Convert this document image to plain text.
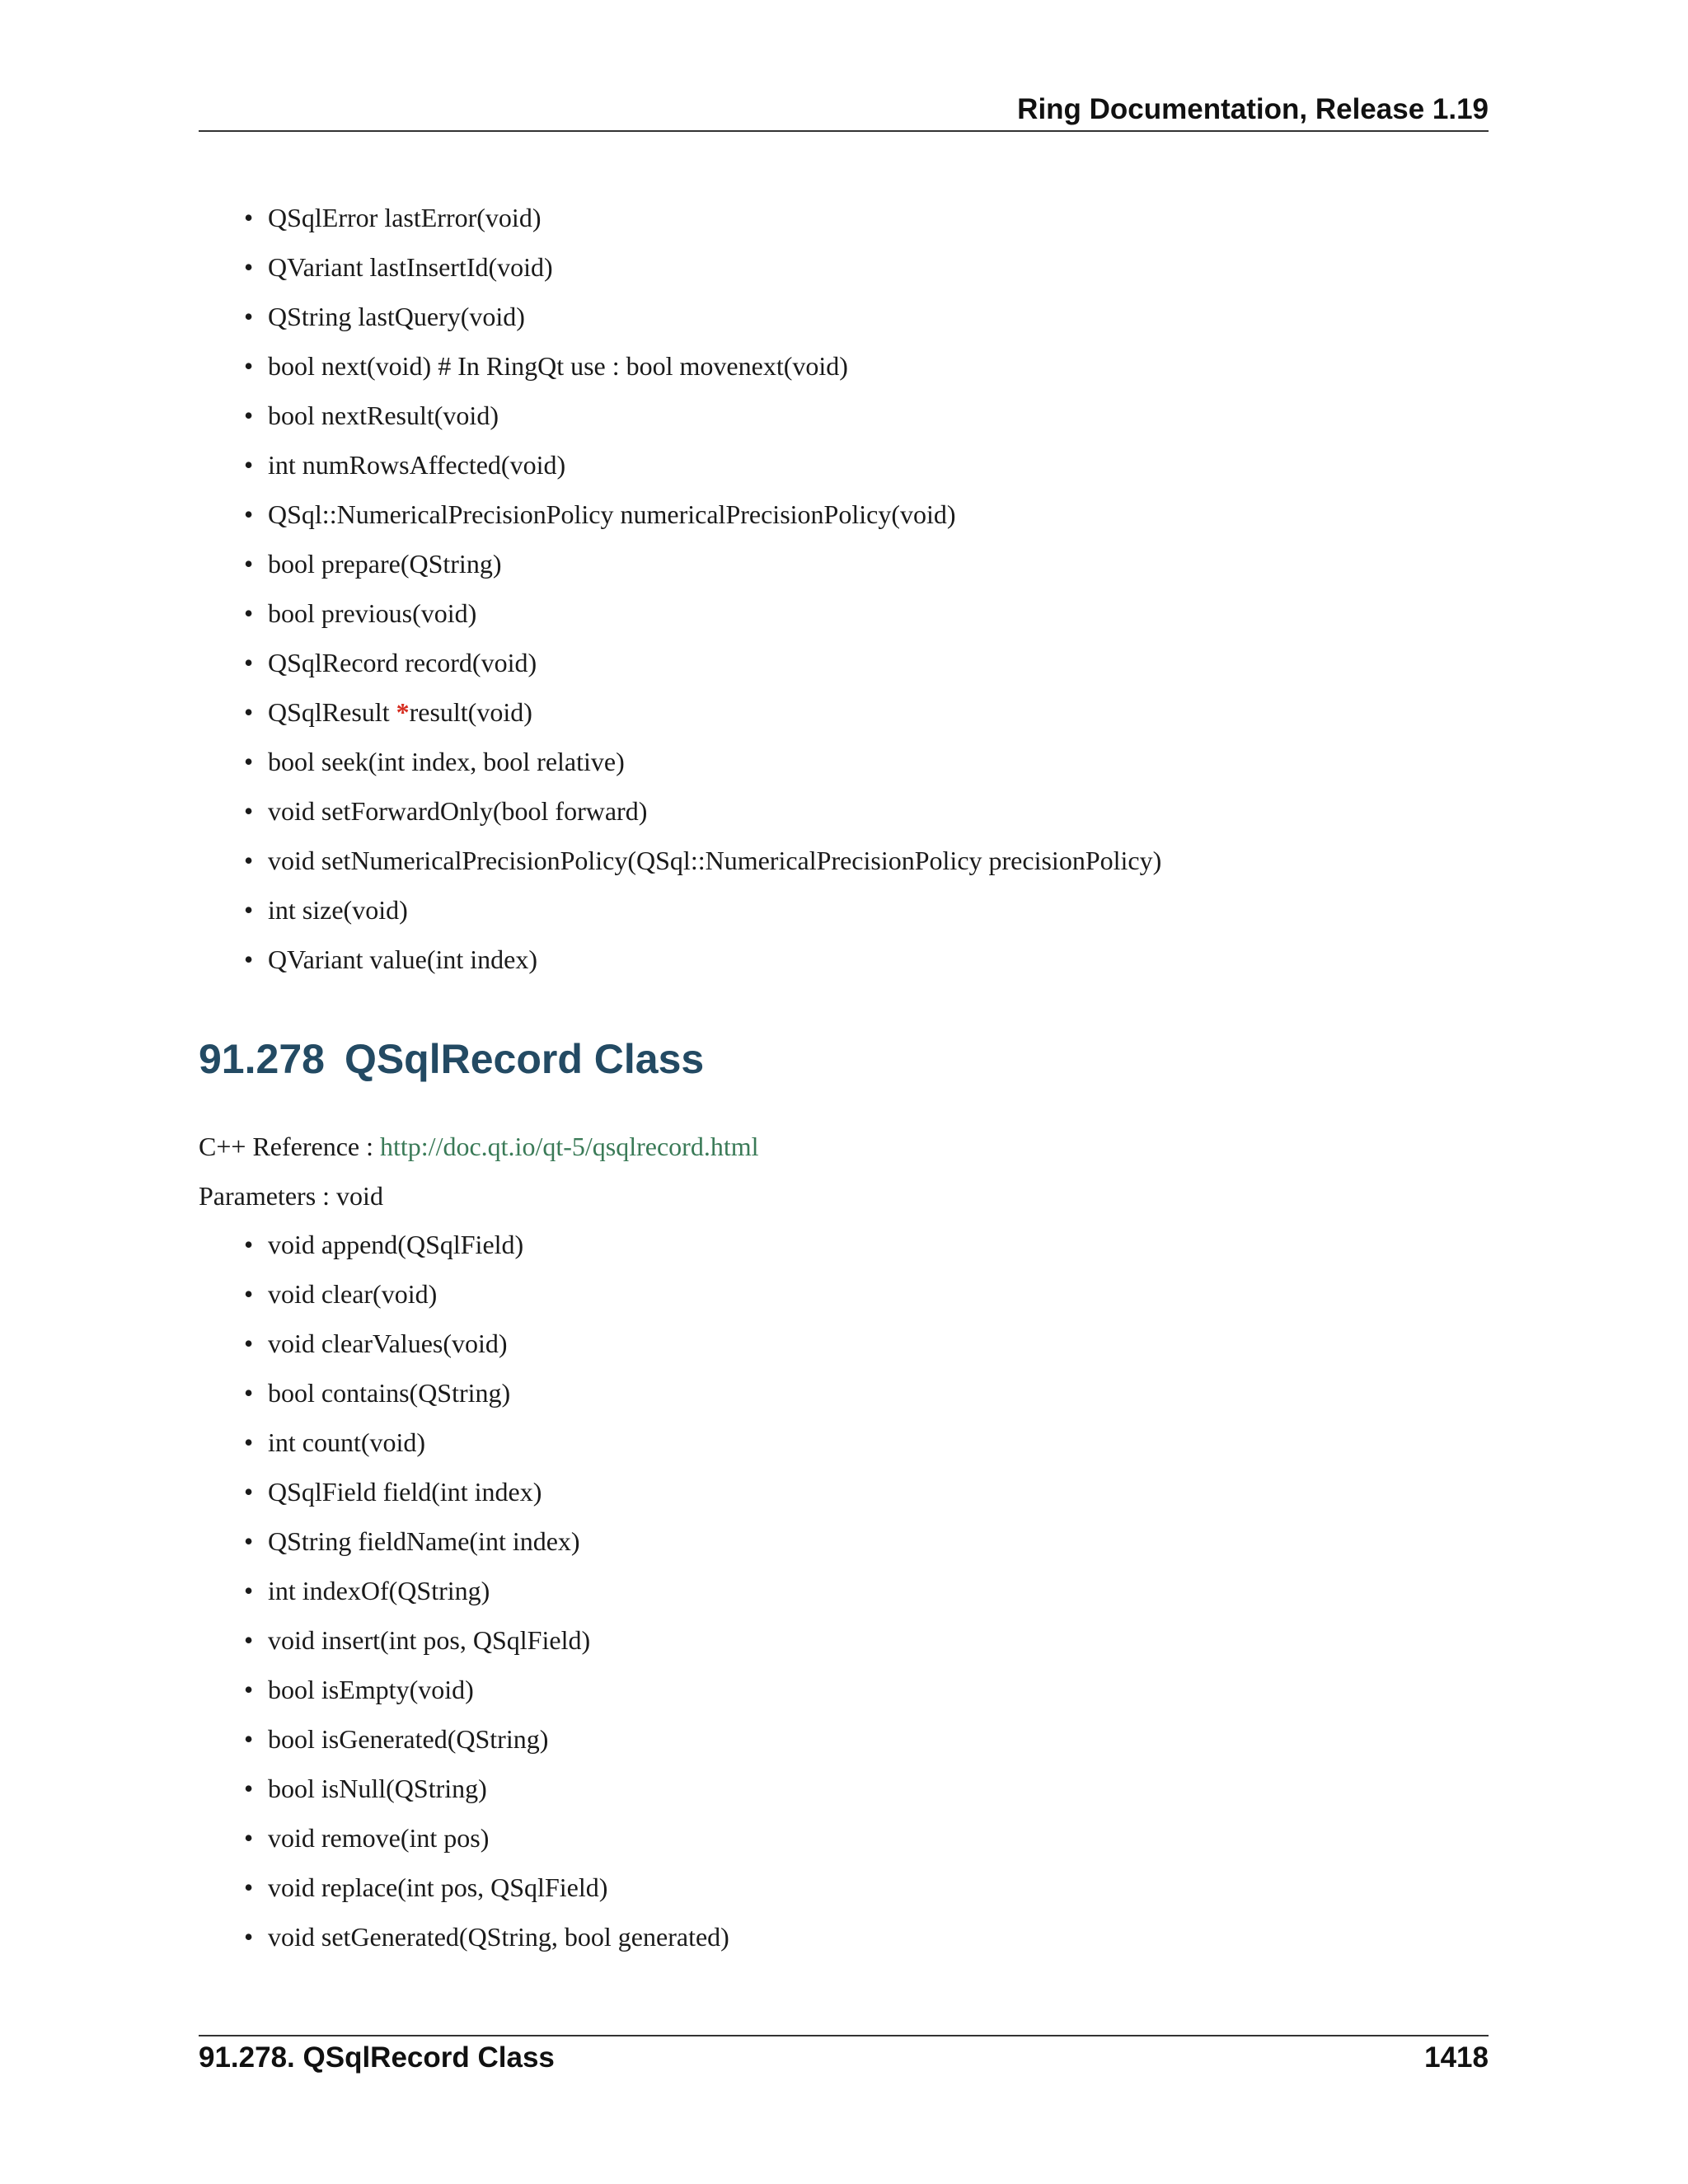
Ring Documentation, Release 1.19
• QSqlError lastError(void)
• QVariant lastInsertId(void)
• QString lastQuery(void)
• bool next(void) # In RingQt use : bool movenext(void)
• bool nextResult(void)
• int numRowsAffected(void)
• QSql::NumericalPrecisionPolicy numericalPrecisionPolicy(void)
• bool prepare(QString)
• bool previous(void)
• QSqlRecord record(void)
• QSqlResult *result(void)
• bool seek(int index, bool relative)
• void setForwardOnly(bool forward)
• void setNumericalPrecisionPolicy(QSql::NumericalPrecisionPolicy precisionPolicy)
• int size(void)
• QVariant value(int index)
91.278 QSqlRecord Class

C++ Reference : http://doc.qt.io/qt-5/qsqlrecord.html

Parameters : void

• void append(QSqlField)
• void clear(void)
• void clearValues(void)
• bool contains(QString)
• int count(void)
• QSqlField field(int index)
• QString fieldName(int index)
• int indexOf(QString)
• void insert(int pos, QSqlField)
• bool isEmpty(void)
• bool isGenerated(QString)
• bool isNull(QString)
• void remove(int pos)
• void replace(int pos, QSqlField)
• void setGenerated(QString, bool generated)
91.278. QSqlRecord Class	1418
